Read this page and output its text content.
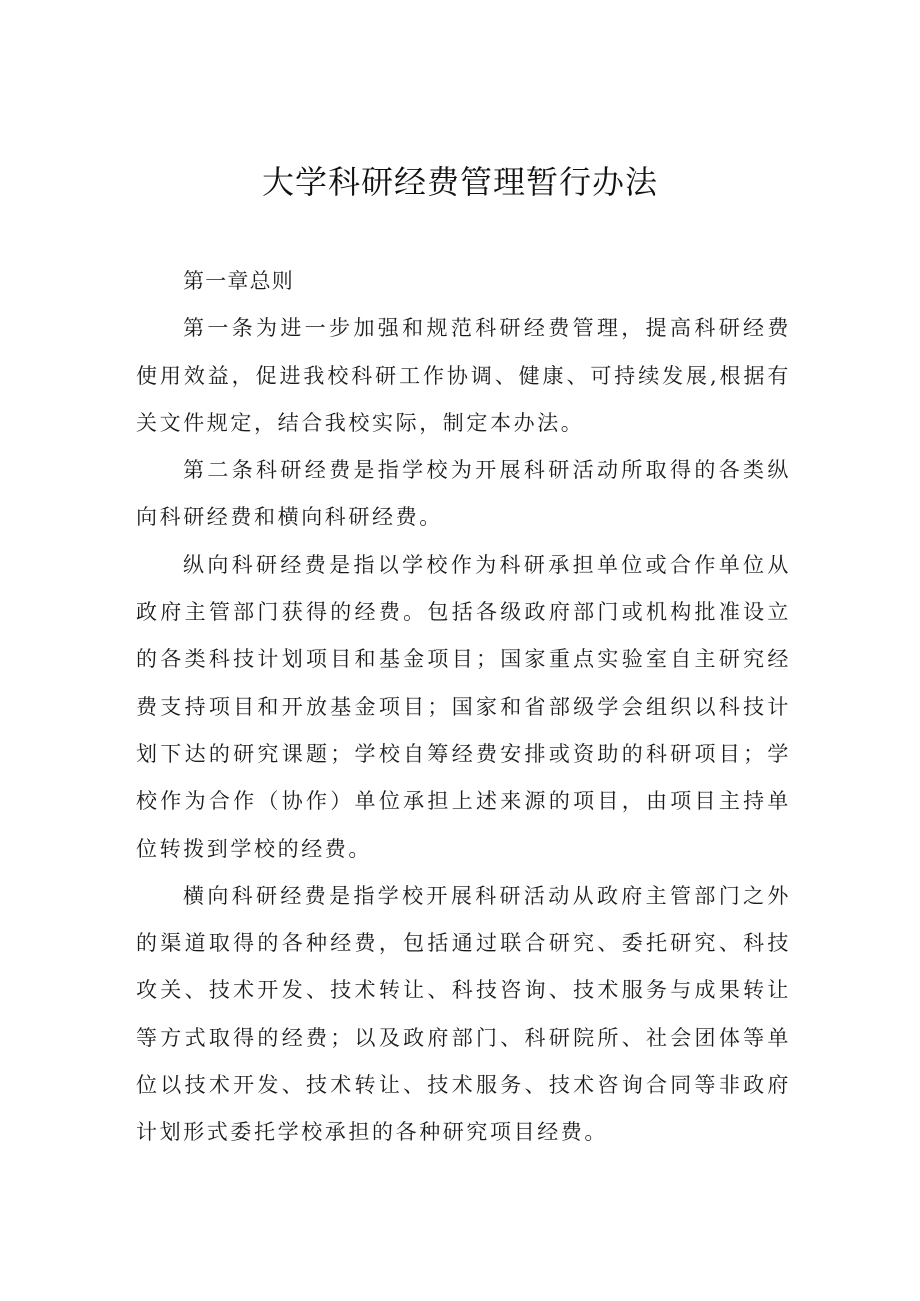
大学科研经费管理暂行办法

第一章总则

第一条为进一步加强和规范科研经费管理，提高科研经费使用效益，促进我校科研工作协调、健康、可持续发展,根据有关文件规定，结合我校实际，制定本办法。

第二条科研经费是指学校为开展科研活动所取得的各类纵向科研经费和横向科研经费。

纵向科研经费是指以学校作为科研承担单位或合作单位从政府主管部门获得的经费。包括各级政府部门或机构批准设立的各类科技计划项目和基金项目；国家重点实验室自主研究经费支持项目和开放基金项目；国家和省部级学会组织以科技计划下达的研究课题；学校自筹经费安排或资助的科研项目；学校作为合作（协作）单位承担上述来源的项目，由项目主持单位转拨到学校的经费。

横向科研经费是指学校开展科研活动从政府主管部门之外的渠道取得的各种经费，包括通过联合研究、委托研究、科技攻关、技术开发、技术转让、科技咨询、技术服务与成果转让等方式取得的经费；以及政府部门、科研院所、社会团体等单位以技术开发、技术转让、技术服务、技术咨询合同等非政府计划形式委托学校承担的各种研究项目经费。
